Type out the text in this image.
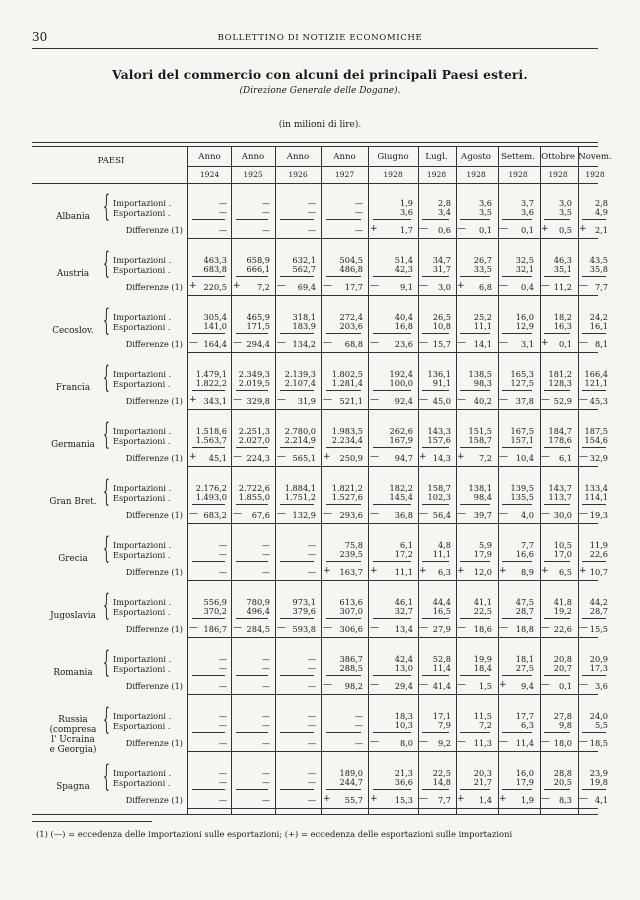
30	BOLLETTINO DI NOTIZIE ECONOMICHE
Valori del commercio con alcuni dei principali Paesi esteri.
(Direzione Generale delle Dogane).
(in milioni di lire).
PAESI	Anno
1924
Anno
1925
Anno
1926
Anno
1927
Giugno
1928
Lugl.
1928
Agosto
1928
Settem.
1928
Ottobre
1928
Novem.
1928
Albania { Importazioni .
Esportazioni .
Differenze (1)
—
—
—
—
—
—
—
—
—
—
—
—
1,9
3,6
1,7
+
2,8
3,4
0,6
—
3,6
3,5
0,1
—
3,7
3,6
0,1
—
3,0
3,5
0,5
+
2,8
4,9
2,1
+
Austria { Importazioni .
Esportazioni .
Differenze (1)
463,3
683,8
220,5
+
658,9
666,1
7,2
+
632,1
562,7
69,4
—
504,5
486,8
17,7
—
51,4
42,3
9,1
—
34,7
31,7
3,0
—
26,7
33,5
6,8
+
32,5
32,1
0,4
—
46,3
35,1
11,2
—
43,5
35,8
7,7
—
Cecoslov. { Importazioni .
Esportazioni .
Differenze (1)
305,4
141,0
164,4
—
465,9
171,5
294,4
—
318,1
183,9
134,2
—
272,4
203,6
68,8
—
40,4
16,8
23,6
—
26,5
10,8
15,7
—
25,2
11,1
14,1
—
16,0
12,9
3,1
—
18,2
16,3
0,1
+
24,2
16,1
8,1
—
Francia { Importazioni .
Esportazioni .
Differenze (1)
1.479,1
1.822,2
343,1
+
2.349,3
2.019,5
329,8
—
2.139,3
2.107,4
31,9
—
1.802,5
1.281,4
521,1
—
192,4
100,0
92,4
—
136,1
91,1
45,0
—
138,5
98,3
40,2
—
165,3
127,5
37,8
—
181,2
128,3
52,9
—
166,4
121,1
45,3
—
Germania { Importazioni .
Esportazioni .
Differenze (1)
1.518,6
1.563,7
45,1
+
2.251,3
2.027,0
224,3
—
2.780,0
2.214,9
565,1
—
1.983,5
2.234,4
250,9
+
262,6
167,9
94,7
—
143,3
157,6
14,3
+
151,5
158,7
7,2
+
167,5
157,1
10,4
—
184,7
178,6
6,1
—
187,5
154,6
32,9
—
Gran Bret. { Importazioni .
Esportazioni .
Differenze (1)
2.176,2
1.493,0
683,2
—
2.722,6
1.855,0
67,6
—
1.884,1
1.751,2
132,9
—
1.821,2
1.527,6
293,6
—
182,2
145,4
36,8
—
158,7
102,3
56,4
—
138,1
98,4
39,7
—
139,5
135,5
4,0
—
143,7
113,7
30,0
—
133,4
114,1
19,3
—
Grecia { Importazioni .
Esportazioni .
Differenze (1)
—
—
—
—
—
—
—
—
—
75,8
239,5
163,7
+
6,1
17,2
11,1
+
4,8
11,1
6,3
+
5,9
17,9
12,0
+
7,7
16,6
8,9
+
10,5
17,0
6,5
+
11,9
22,6
10,7
+
Jugoslavia { Importazioni .
Esportazioni .
Differenze (1)
556,9
370,2
186,7
—
780,9
496,4
284,5
—
973,1
379,6
593,8
—
613,6
307,0
306,6
—
46,1
32,7
13,4
—
44,4
16,5
27,9
—
41,1
22,5
18,6
—
47,5
28,7
18,8
—
41,8
19,2
22,6
—
44,2
28,7
15,5
—
Romania { Importazioni .
Esportazioni .
Differenze (1)
—
—
—
—
—
—
—
—
—
386,7
288,5
98,2
—
42,4
13,0
29,4
—
52,8
11,4
41,4
—
19,9
18,4
1,5
—
18,1
27,5
9,4
+
20,8
20,7
0,1
—
20,9
17,3
3,6
—
Russia
(compresa
l' Ucraina
e Georgia)
{ Importazioni .
Esportazioni .
Differenze (1)
—
—
—
—
—
—
—
—
—
—
—
—
18,3
10,3
8,0
—
17,1
7,9
9,2
—
11,5
7,2
11,3
—
17,7
6,3
11,4
—
27,8
9,8
18,0
—
24,0
5,5
18,5
—
Spagna { Importazioni .
Esportazioni .
Differenze (1)
—
—
—
—
—
—
—
—
—
189,0
244,7
55,7
+
21,3
36,6
15,3
+
22,5
14,8
7,7
—
20,3
21,7
1,4
+
16,0
17,9
1,9
+
28,8
20,5
8,3
—
23,9
19,8
4,1
—
(1) (—) = eccedenza delle importazioni sulle esportazioni; (+) = eccedenza delle esportazioni sulle importazioni
